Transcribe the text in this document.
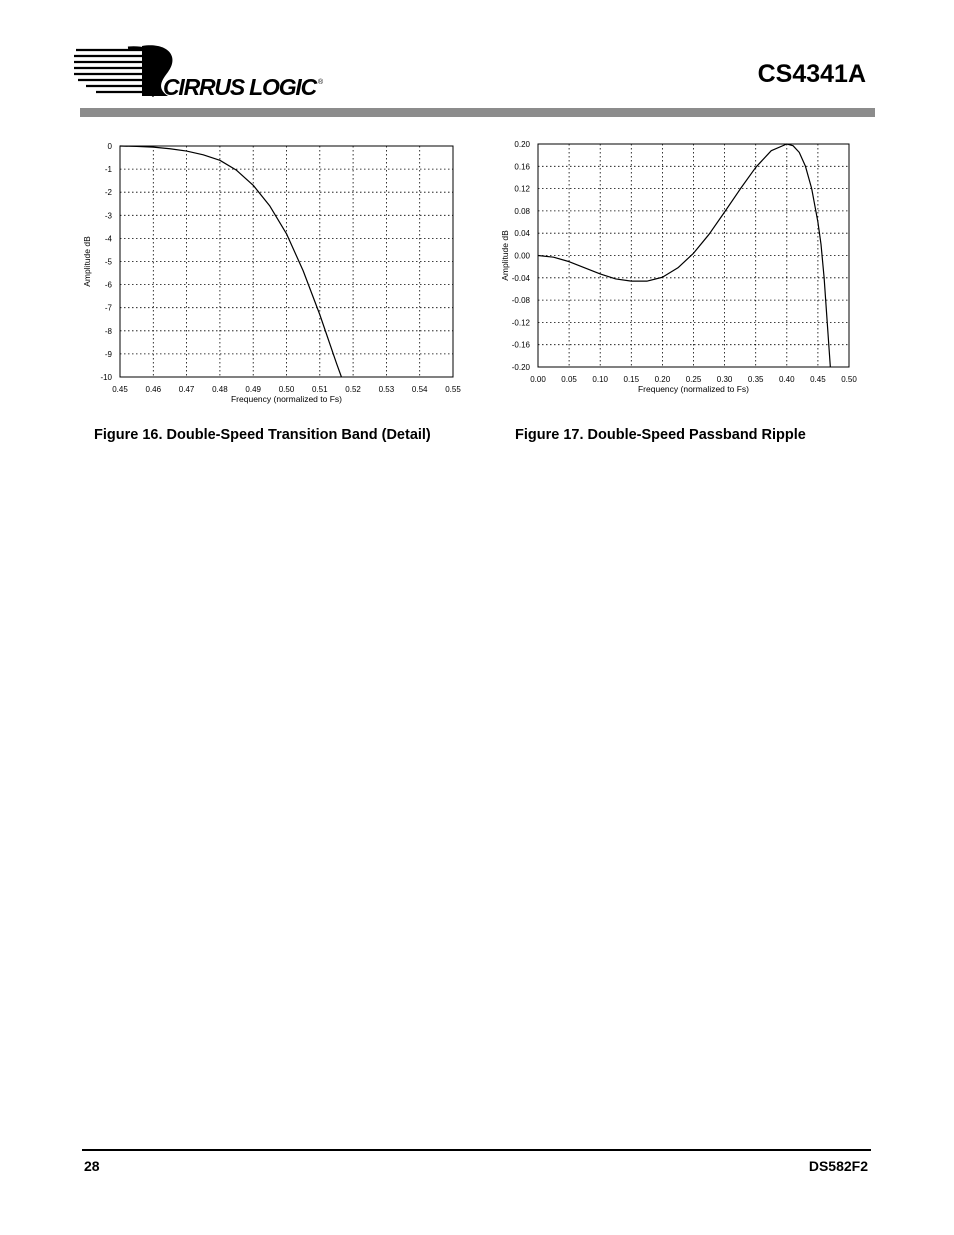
CIRRUS LOGIC ®	CS4341A
0.45 0.46 0.47 0.48 0.49 0.50 0.51 0.52 0.53 0.54 0.55
0
-1
-2
-3
-4
-5
-6
-7
-8
-9
-10
Frequency (normalized to Fs)
Amplitude dB
Figure 16. Double-Speed Transition Band (Detail)
0.00 0.05 0.10 0.15 0.20 0.25 0.30 0.35 0.40 0.45 0.50
0.20
0.16
0.12
0.08
0.04
0.00
-0.04
-0.08
-0.12
-0.16
-0.20
Frequency (normalized to Fs)
Amplitude dB
Figure 17. Double-Speed Passband Ripple
28	DS582F2
